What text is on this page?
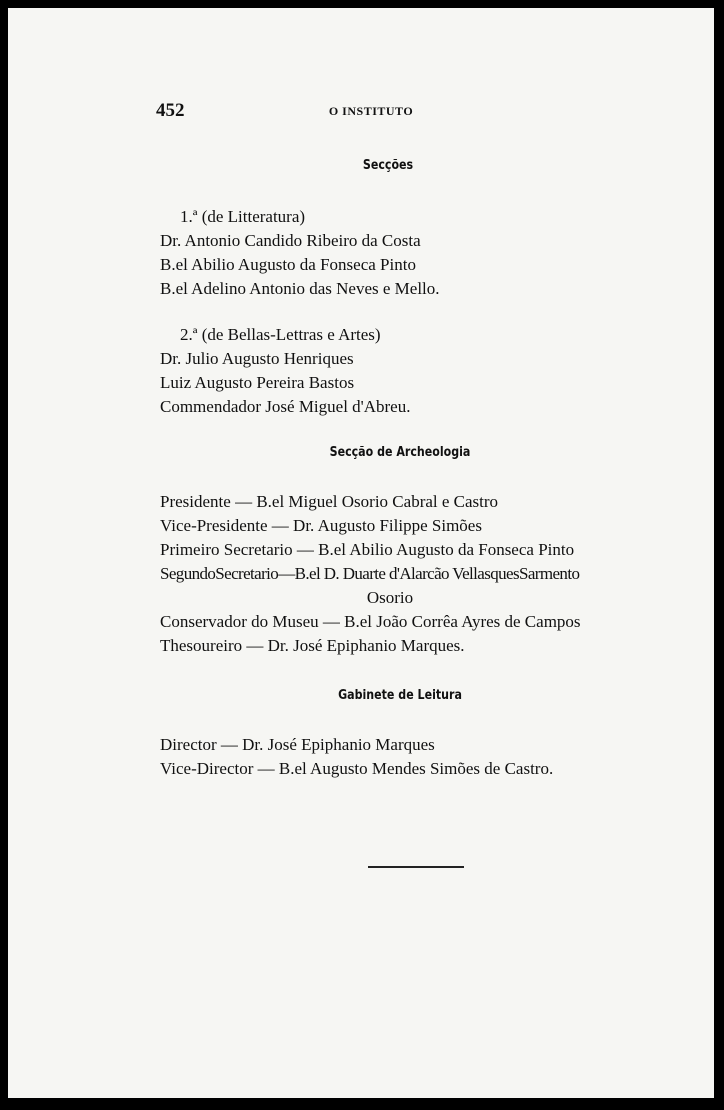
452	O INSTITUTO
Secções
1.ª (de Litteratura)
Dr. Antonio Candido Ribeiro da Costa
B.el Abilio Augusto da Fonseca Pinto
B.el Adelino Antonio das Neves e Mello.
2.ª (de Bellas-Lettras e Artes)
Dr. Julio Augusto Henriques
Luiz Augusto Pereira Bastos
Commendador José Miguel d'Abreu.
Secção de Archeologia
Presidente — B.el Miguel Osorio Cabral e Castro
Vice-Presidente — Dr. Augusto Filippe Simões
Primeiro Secretario — B.el Abilio Augusto da Fonseca Pinto
SegundoSecretario—B.el D. Duarte d'Alarcão VellasquesSarmento
Osorio
Conservador do Museu — B.el João Corrêa Ayres de Campos
Thesoureiro — Dr. José Epiphanio Marques.
Gabinete de Leitura
Director — Dr. José Epiphanio Marques
Vice-Director — B.el Augusto Mendes Simões de Castro.
